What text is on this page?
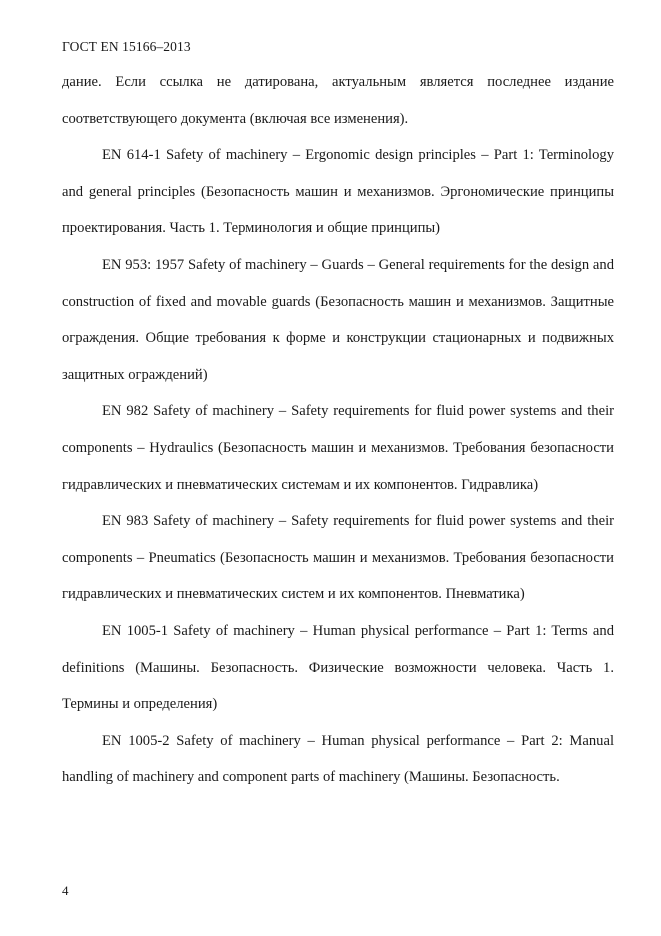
ГОСТ EN 15166–2013

дание. Если ссылка не датирована, актуальным является последнее издание соответствующего документа (включая все изменения).

EN 614-1 Safety of machinery – Ergonomic design principles – Part 1: Terminology and general principles (Безопасность машин и механизмов. Эргономические принципы проектирования. Часть 1. Терминология и общие принципы)

EN 953: 1957 Safety of machinery – Guards – General requirements for the design and construction of fixed and movable guards (Безопасность машин и механизмов. Защитные ограждения. Общие требования к форме и конструкции стационарных и подвижных защитных ограждений)

EN 982 Safety of machinery – Safety requirements for fluid power systems and their components – Hydraulics (Безопасность машин и механизмов. Требования безопасности гидравлических и пневматических системам и их компонентов. Гидравлика)

EN 983 Safety of machinery – Safety requirements for fluid power systems and their components – Pneumatics (Безопасность машин и механизмов. Требования безопасности гидравлических и пневматических систем и их компонентов. Пневматика)

EN 1005-1 Safety of machinery – Human physical performance – Part 1: Terms and definitions (Машины. Безопасность. Физические возможности человека. Часть 1. Термины и определения)

EN 1005-2 Safety of machinery – Human physical performance – Part 2: Manual handling of machinery and component parts of machinery (Машины. Безопасность.

4
